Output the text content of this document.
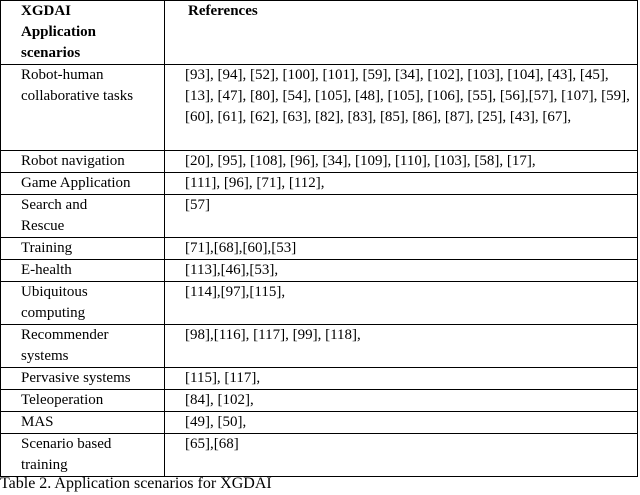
XGDAI Application scenarios	References
Robot-human collaborative tasks	[93], [94], [52], [100], [101], [59], [34], [102], [103], [104], [43], [45], [13], [47], [80], [54], [105], [48], [105], [106], [55], [56],[57], [107], [59], [60], [61], [62], [63], [82], [83], [85], [86], [87], [25], [43], [67],
Robot navigation	[20], [95], [108], [96], [34], [109], [110], [103], [58], [17],
Game Application	[111], [96], [71], [112],
Search and Rescue	[57]
Training	[71],[68],[60],[53]
E-health	[113],[46],[53],
Ubiquitous computing	[114],[97],[115],
Recommender systems	[98],[116], [117], [99], [118],
Pervasive systems	[115], [117],
Teleoperation	[84], [102],
MAS	[49], [50],
Scenario based training	[65],[68]
Table 2. Application scenarios for XGDAI
